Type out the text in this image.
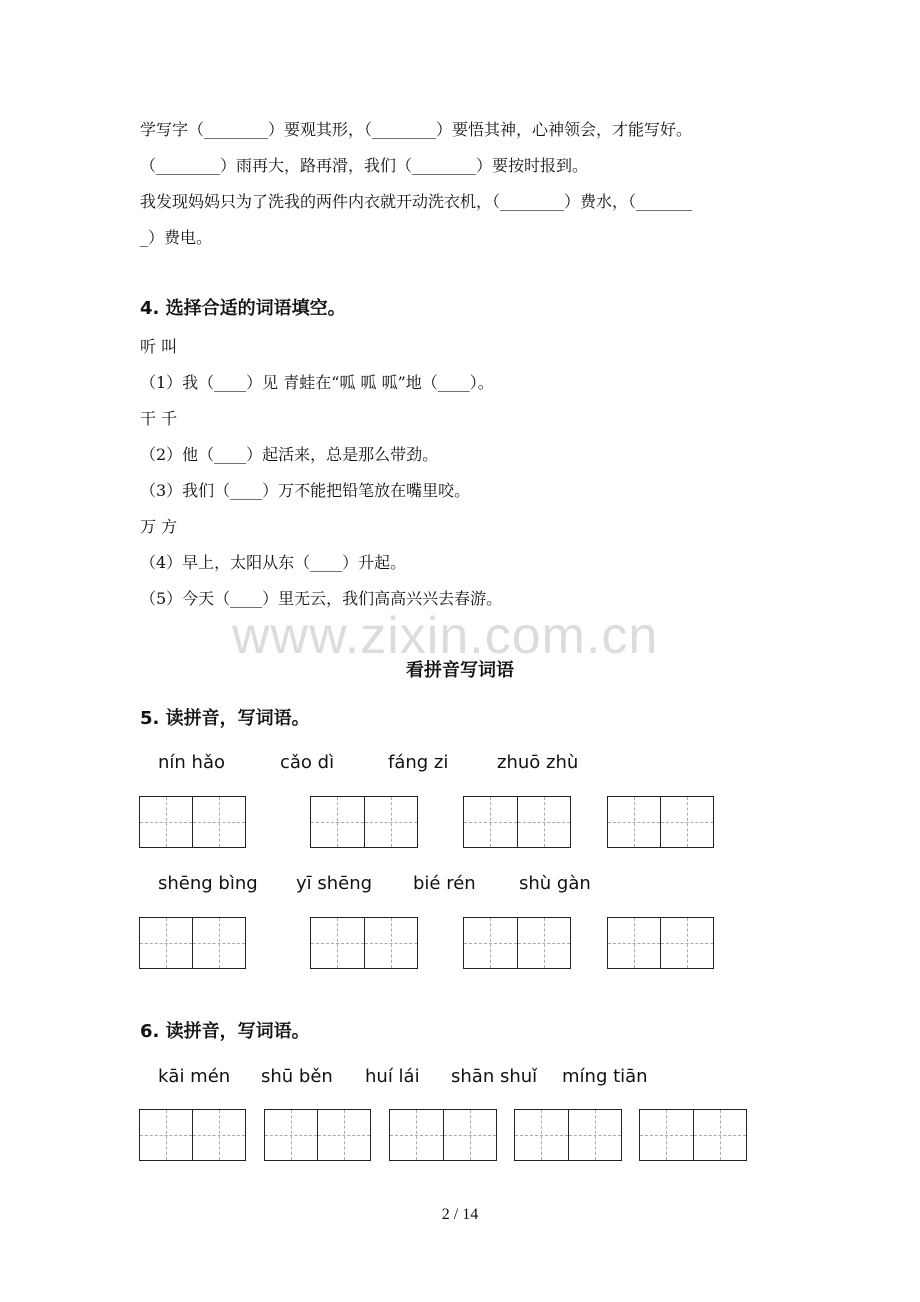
学写字（________）要观其形，（________）要悟其神，心神领会，才能写好。
（________）雨再大，路再滑，我们（________）要按时报到。
我发现妈妈只为了洗我的两件内衣就开动洗衣机，（________）费水，（_______
_）费电。
4. 选择合适的词语填空。
听 叫
（1）我（____）见 青蛙在“呱 呱 呱”地（____）。
干 千
（2）他（____）起活来，总是那么带劲。
（3）我们（____）万不能把铅笔放在嘴里咬。
万 方
（4）早上，太阳从东（____）升起。
（5）今天（____）里无云，我们高高兴兴去春游。
www.zixin.com.cn
看拼音写词语
5. 读拼音，写词语。
nín hǎo	cǎo dì	fáng zi	zhuō zhù
shēng bìng yī shēng bié rén shù gàn
6. 读拼音，写词语。
kāi mén shū běn huí lái shān shuǐ míng tiān
2 / 14
